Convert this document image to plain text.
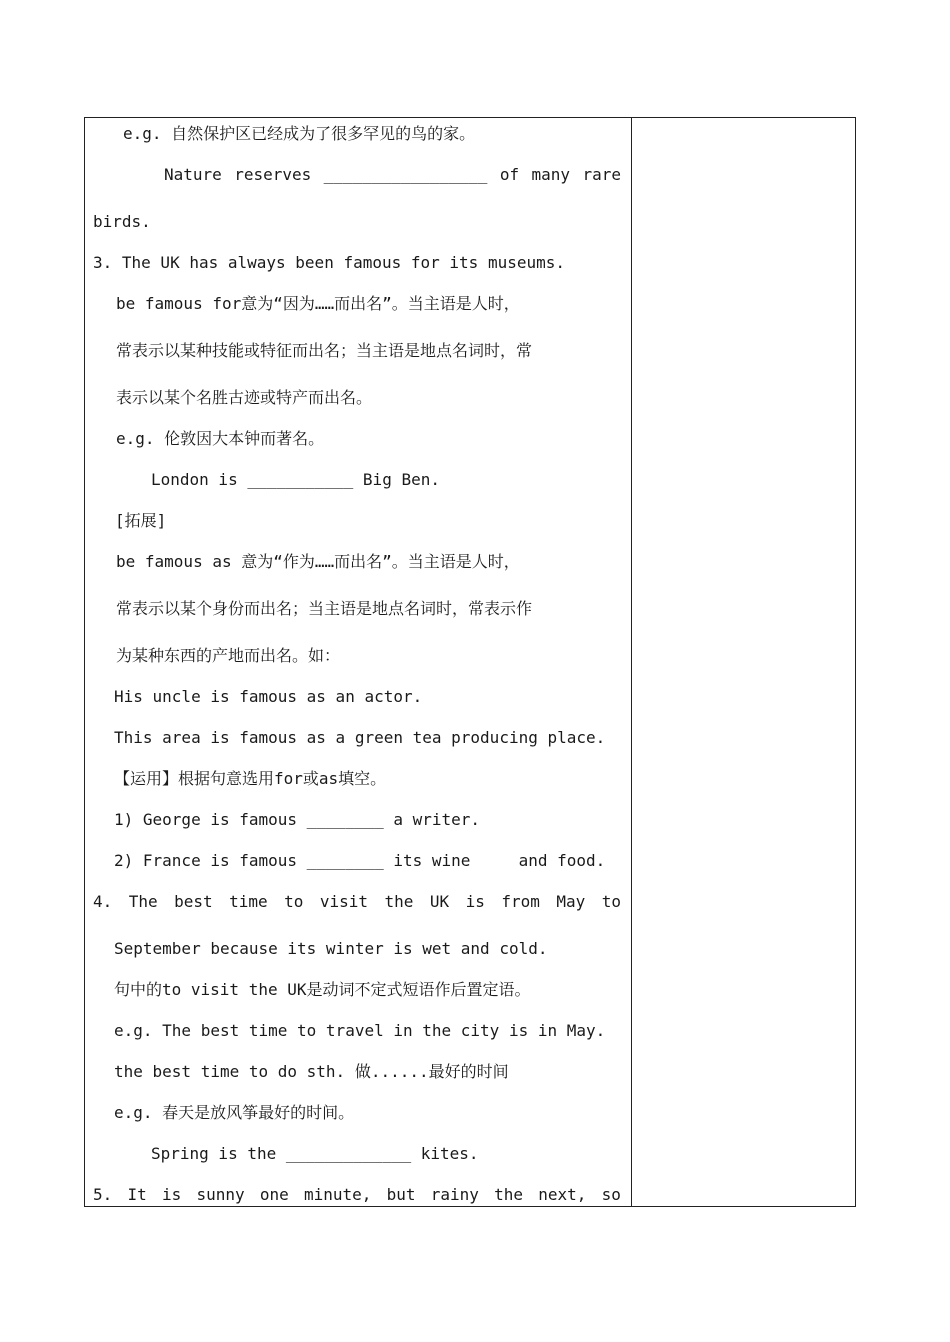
e.g. 自然保护区已经成为了很多罕见的鸟的家。
Nature reserves _________________ of many rare
birds.
3. The UK has always been famous for its museums.
be famous for意为“因为……而出名”。当主语是人时，
常表示以某种技能或特征而出名；当主语是地点名词时，常
表示以某个名胜古迹或特产而出名。
e.g. 伦敦因大本钟而著名。
London is ___________ Big Ben.
[拓展]
be famous as 意为“作为……而出名”。当主语是人时，
常表示以某个身份而出名；当主语是地点名词时，常表示作
为某种东西的产地而出名。如：
His uncle is famous as an actor.
This area is famous as a green tea producing place.
【运用】根据句意选用for或as填空。
1) George is famous ________ a writer.
2) France is famous ________ its wine     and food.
4. The best time to visit the UK is from May to
September because its winter is wet and cold.
句中的to visit the UK是动词不定式短语作后置定语。
e.g. The best time to travel in the city is in May.
the best time to do sth. 做......最好的时间
e.g. 春天是放风筝最好的时间。
Spring is the _____________ kites.
5. It is sunny one minute, but rainy the next, so
